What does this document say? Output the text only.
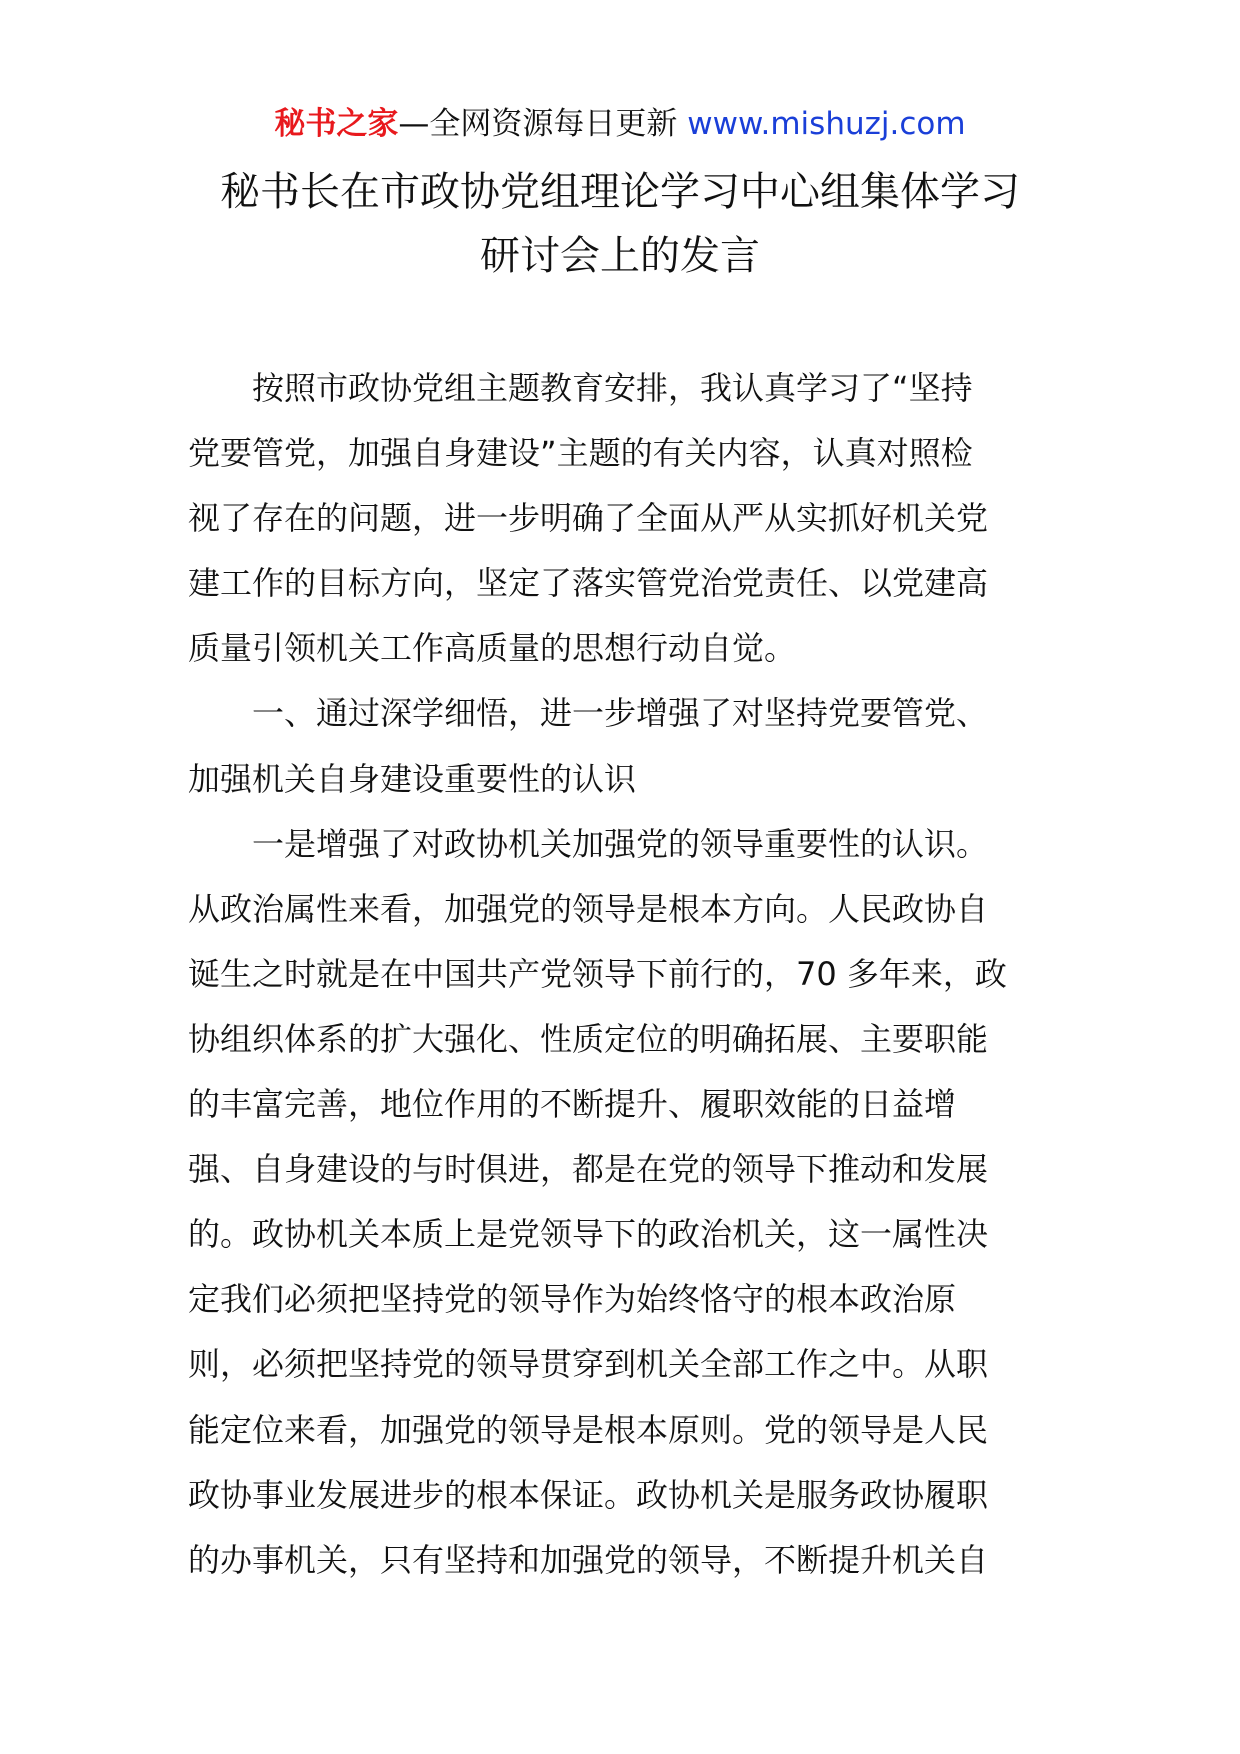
秘书之家—全网资源每日更新 www.mishuzj.com
秘书长在市政协党组理论学习中心组集体学习
研讨会上的发言
按照市政协党组主题教育安排，我认真学习了“坚持
党要管党，加强自身建设”主题的有关内容，认真对照检
视了存在的问题，进一步明确了全面从严从实抓好机关党
建工作的目标方向，坚定了落实管党治党责任、以党建高
质量引领机关工作高质量的思想行动自觉。
一、通过深学细悟，进一步增强了对坚持党要管党、
加强机关自身建设重要性的认识
一是增强了对政协机关加强党的领导重要性的认识。
从政治属性来看，加强党的领导是根本方向。人民政协自
诞生之时就是在中国共产党领导下前行的，70 多年来，政
协组织体系的扩大强化、性质定位的明确拓展、主要职能
的丰富完善，地位作用的不断提升、履职效能的日益增
强、自身建设的与时俱进，都是在党的领导下推动和发展
的。政协机关本质上是党领导下的政治机关，这一属性决
定我们必须把坚持党的领导作为始终恪守的根本政治原
则，必须把坚持党的领导贯穿到机关全部工作之中。从职
能定位来看，加强党的领导是根本原则。党的领导是人民
政协事业发展进步的根本保证。政协机关是服务政协履职
的办事机关，只有坚持和加强党的领导，不断提升机关自
